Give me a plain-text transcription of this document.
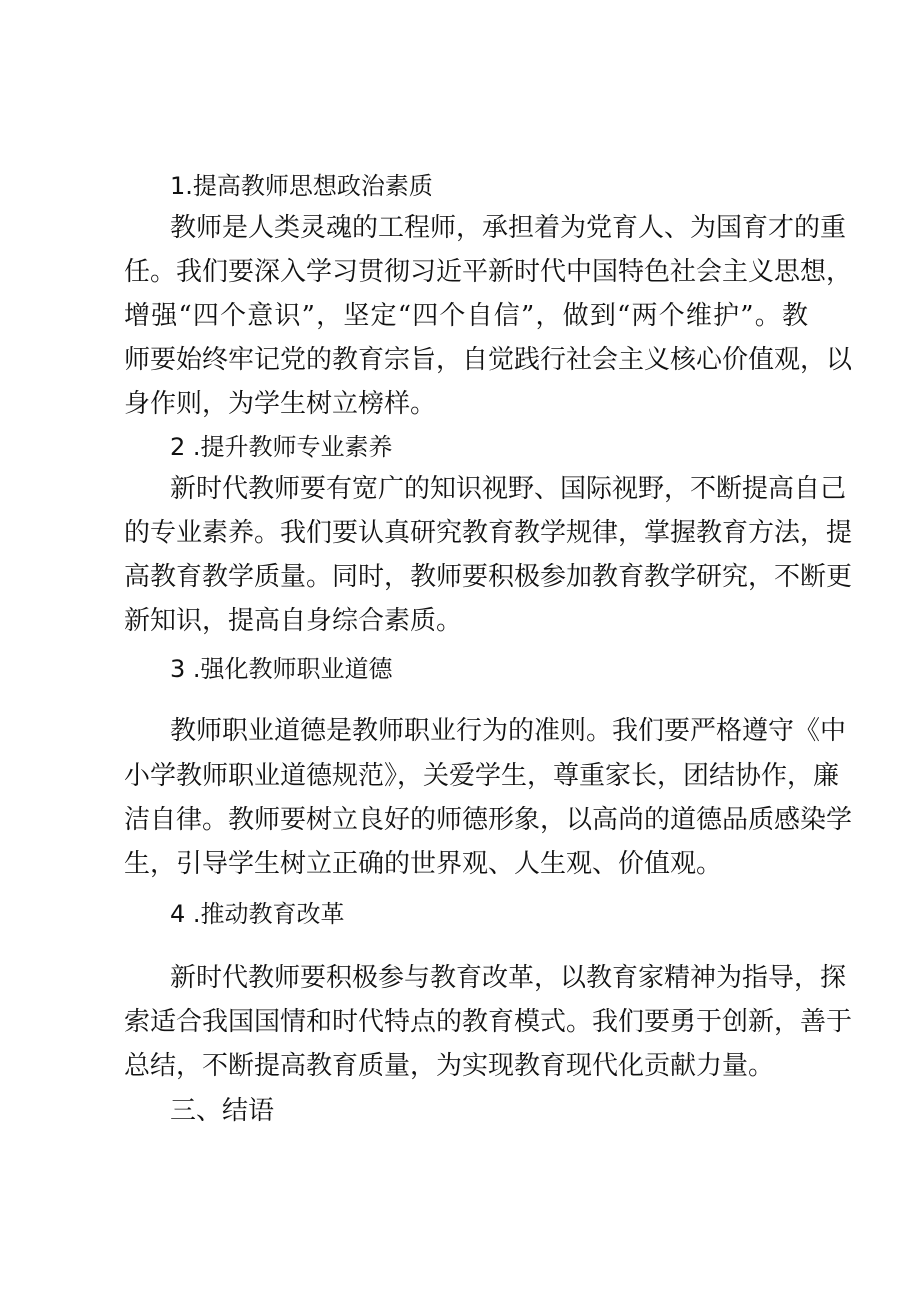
1.提高教师思想政治素质
教师是人类灵魂的工程师，承担着为党育人、为国育才的重
任。我们要深入学习贯彻习近平新时代中国特色社会主义思想，
增强“四个意识”，坚定“四个自信”，做到“两个维护”。教
师要始终牢记党的教育宗旨，自觉践行社会主义核心价值观，以
身作则，为学生树立榜样。
2 .提升教师专业素养
新时代教师要有宽广的知识视野、国际视野，不断提高自己
的专业素养。我们要认真研究教育教学规律，掌握教育方法，提
高教育教学质量。同时，教师要积极参加教育教学研究，不断更
新知识，提高自身综合素质。
3 .强化教师职业道德
教师职业道德是教师职业行为的准则。我们要严格遵守《中
小学教师职业道德规范》，关爱学生，尊重家长，团结协作，廉
洁自律。教师要树立良好的师德形象，以高尚的道德品质感染学
生，引导学生树立正确的世界观、人生观、价值观。
4 .推动教育改革
新时代教师要积极参与教育改革，以教育家精神为指导，探
索适合我国国情和时代特点的教育模式。我们要勇于创新，善于
总结，不断提高教育质量，为实现教育现代化贡献力量。
三、结语
